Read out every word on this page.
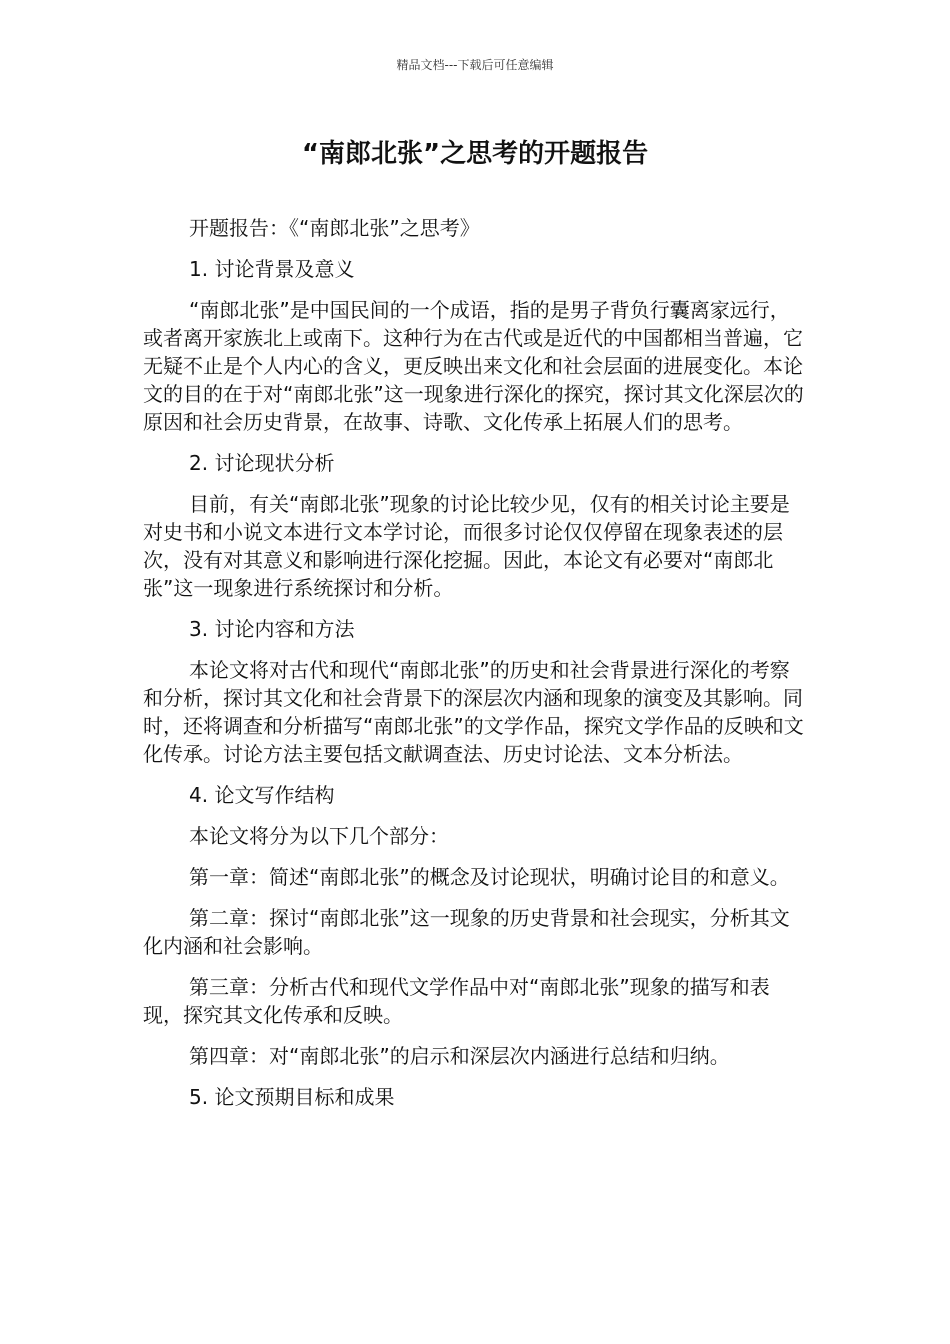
精品文档---下载后可任意编辑
“南郎北张”之思考的开题报告

开题报告：《“南郎北张”之思考》

1. 讨论背景及意义

“南郎北张”是中国民间的一个成语，指的是男子背负行囊离家远行，或者离开家族北上或南下。这种行为在古代或是近代的中国都相当普遍，它无疑不止是个人内心的含义，更反映出来文化和社会层面的进展变化。本论文的目的在于对“南郎北张”这一现象进行深化的探究，探讨其文化深层次的原因和社会历史背景，在故事、诗歌、文化传承上拓展人们的思考。

2. 讨论现状分析

目前，有关“南郎北张”现象的讨论比较少见，仅有的相关讨论主要是对史书和小说文本进行文本学讨论，而很多讨论仅仅停留在现象表述的层次，没有对其意义和影响进行深化挖掘。因此，本论文有必要对“南郎北张”这一现象进行系统探讨和分析。

3. 讨论内容和方法

本论文将对古代和现代“南郎北张”的历史和社会背景进行深化的考察和分析，探讨其文化和社会背景下的深层次内涵和现象的演变及其影响。同时，还将调查和分析描写“南郎北张”的文学作品，探究文学作品的反映和文化传承。讨论方法主要包括文献调查法、历史讨论法、文本分析法。

4. 论文写作结构

本论文将分为以下几个部分：

第一章：简述“南郎北张”的概念及讨论现状，明确讨论目的和意义。

第二章：探讨“南郎北张”这一现象的历史背景和社会现实，分析其文化内涵和社会影响。

第三章：分析古代和现代文学作品中对“南郎北张”现象的描写和表现，探究其文化传承和反映。

第四章：对“南郎北张”的启示和深层次内涵进行总结和归纳。

5. 论文预期目标和成果
